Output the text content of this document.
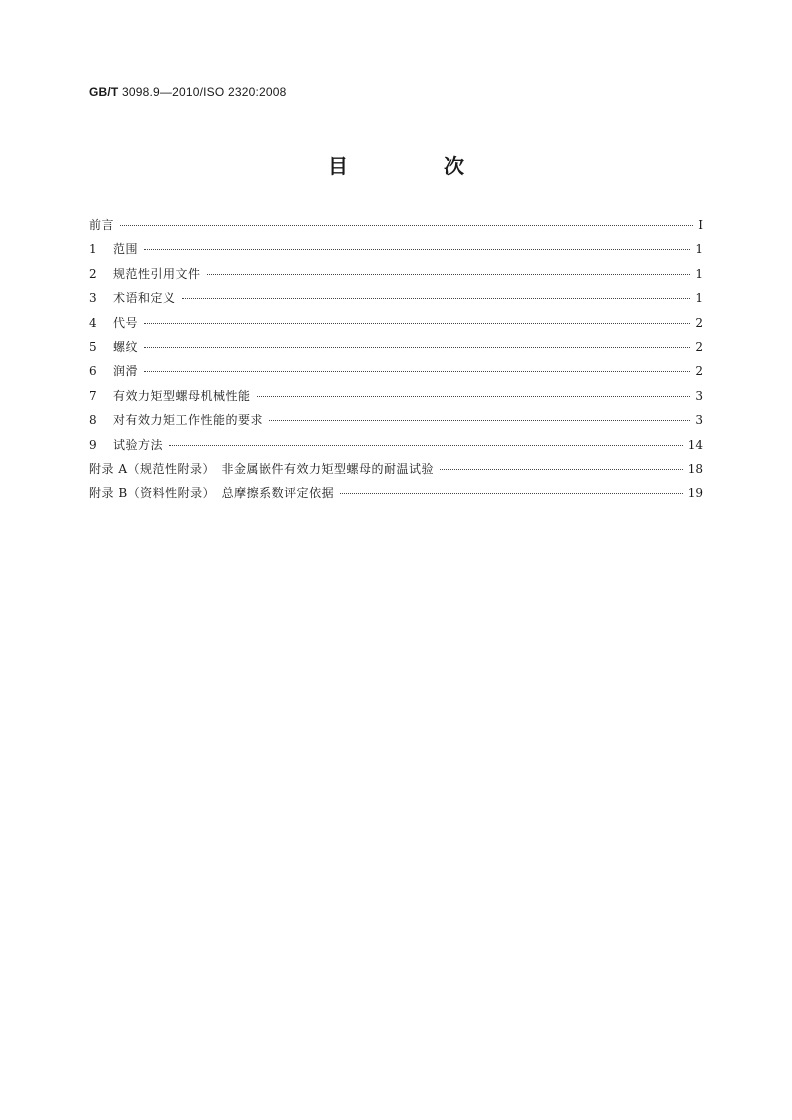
GB/T 3098.9—2010/ISO 2320:2008
目　次
前言	Ⅰ
1	范围	1
2	规范性引用文件	1
3	术语和定义	1
4	代号	2
5	螺纹	2
6	润滑	2
7	有效力矩型螺母机械性能	3
8	对有效力矩工作性能的要求	3
9	试验方法	14
附录 A（规范性附录）　非金属嵌件有效力矩型螺母的耐温试验	18
附录 B（资料性附录）　总摩擦系数评定依据	19
